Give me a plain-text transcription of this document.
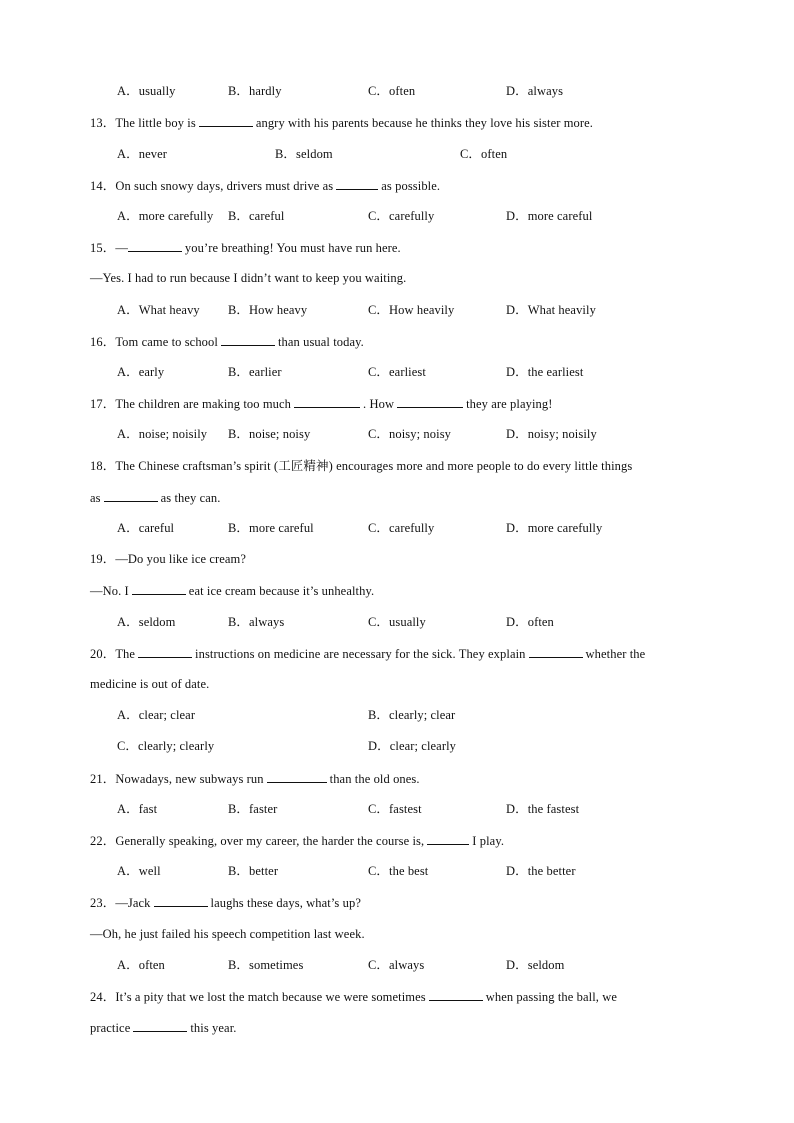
A．usually	B．hardly	C．often	D．always
13．The little boy is	angry with his parents because he thinks they love his sister more.
A．never	B．seldom	C．often
14．On such snowy days, drivers must drive as	as possible.
A．more carefully B．careful	C．carefully	D．more careful
15．—	you’re breathing! You must have run here.
—Yes. I had to run because I didn’t want to keep you waiting.
A．What heavy B．How heavy	C．How heavily	D．What heavily
16．Tom came to school	than usual today.
A．early	B．earlier	C．earliest	D．the earliest
17．The children are making too much	. How	they are playing!
A．noise; noisily B．noise; noisy	C．noisy; noisy	D．noisy; noisily
18．The Chinese craftsman’s spirit (工匠精神) encourages more and more people to do every little things
as	as they can.
A．careful	B．more careful	C．carefully	D．more carefully
19．—Do you like ice cream?
—No. I	eat ice cream because it’s unhealthy.
A．seldom	B．always	C．usually	D．often
20．The	instructions on medicine are necessary for the sick. They explain	whether the
medicine is out of date.
A．clear; clear	B．clearly; clear
C．clearly; clearly	D．clear; clearly
21．Nowadays, new subways run	than the old ones.
A．fast	B．faster	C．fastest	D．the fastest
22．Generally speaking, over my career, the harder the course is,	I play.
A．well	B．better	C．the best	D．the better
23．—Jack	laughs these days, what’s up?
—Oh, he just failed his speech competition last week.
A．often	B．sometimes	C．always	D．seldom
24．It’s a pity that we lost the match because we were sometimes	when passing the ball, we
practice	this year.
